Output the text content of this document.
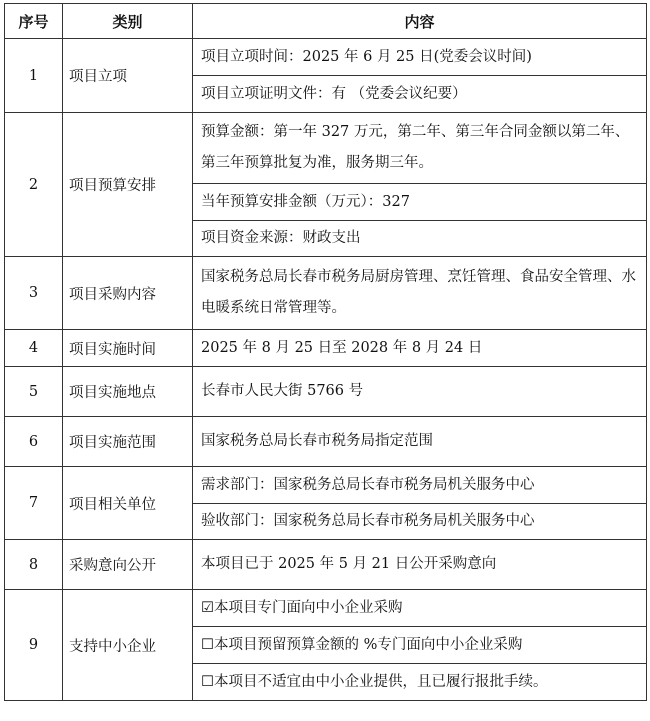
序号	类别	内容
1	项目立项	项目立项时间：2025 年 6 月 25 日(党委会议时间)
		项目立项证明文件：有 （党委会议纪要）
2	项目预算安排	预算金额：第一年 327 万元，第二年、第三年合同金额以第二年、第三年预算批复为准，服务期三年。
		当年预算安排金额（万元）：327
		项目资金来源：财政支出
3	项目采购内容	国家税务总局长春市税务局厨房管理、烹饪管理、食品安全管理、水电暖系统日常管理等。
4	项目实施时间	2025 年 8 月 25 日至 2028 年 8 月 24 日
5	项目实施地点	长春市人民大街 5766 号
6	项目实施范围	国家税务总局长春市税务局指定范围
7	项目相关单位	需求部门：国家税务总局长春市税务局机关服务中心
		验收部门：国家税务总局长春市税务局机关服务中心
8	采购意向公开	本项目已于 2025 年 5 月 21 日公开采购意向
9	支持中小企业	☑本项目专门面向中小企业采购
		☐本项目预留预算金额的 %专门面向中小企业采购
		☐本项目不适宜由中小企业提供，且已履行报批手续。
